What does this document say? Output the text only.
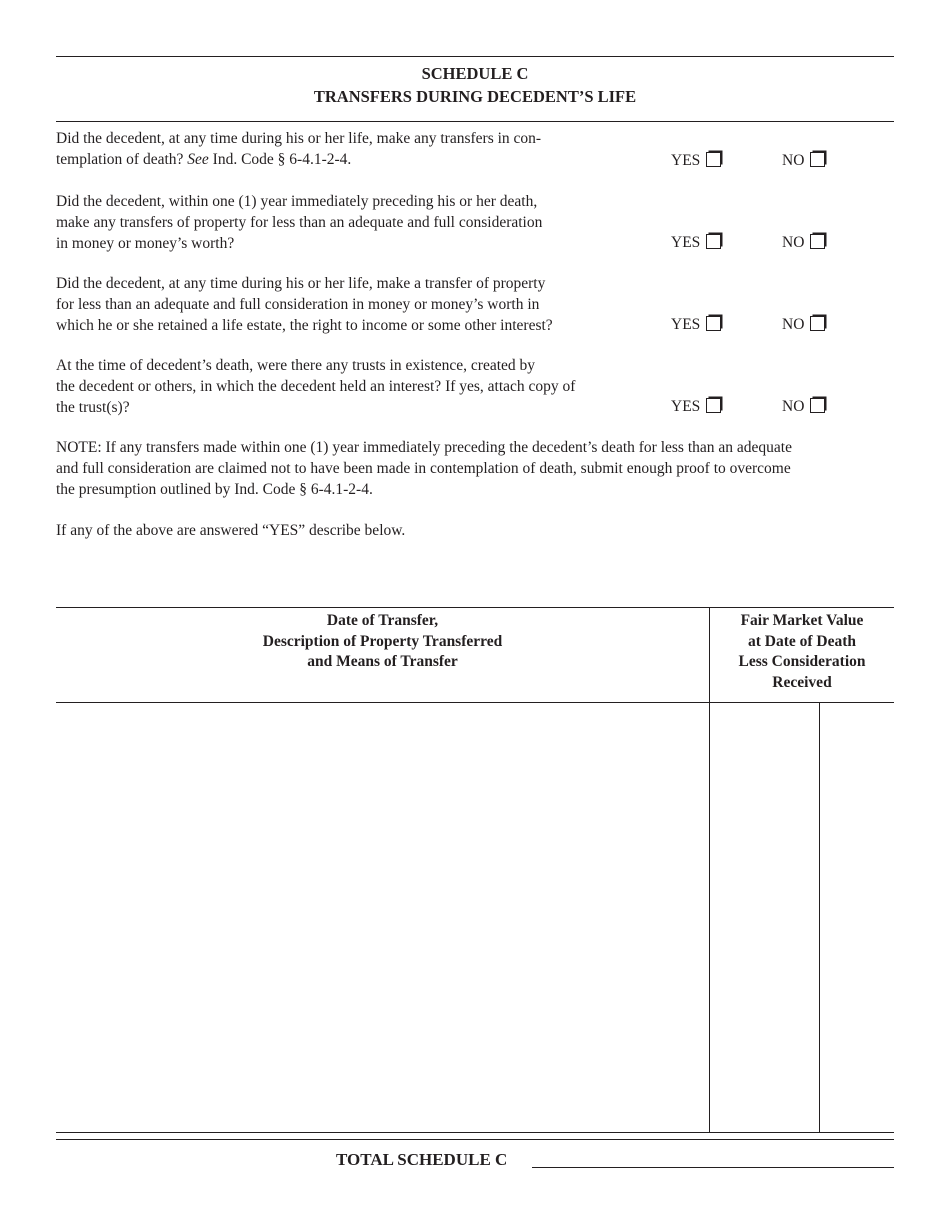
SCHEDULE C
TRANSFERS DURING DECEDENT’S LIFE
Did the decedent, at any time during his or her life, make any transfers in con-
templation of death? See Ind. Code § 6-4.1-2-4.	YES	NO
Did the decedent, within one (1) year immediately preceding his or her death,
make any transfers of property for less than an adequate and full consideration
in money or money’s worth?	YES	NO
Did the decedent, at any time during his or her life, make a transfer of property
for less than an adequate and full consideration in money or money’s worth in
which he or she retained a life estate, the right to income or some other interest?	YES	NO
At the time of decedent’s death, were there any trusts in existence, created by
the decedent or others, in which the decedent held an interest? If yes, attach copy of
the trust(s)?	YES	NO
NOTE: If any transfers made within one (1) year immediately preceding the decedent’s death for less than an adequate
and full consideration are claimed not to have been made in contemplation of death, submit enough proof to overcome
the presumption outlined by Ind. Code § 6-4.1-2-4.
If any of the above are answered “YES” describe below.
Date of Transfer,
Description of Property Transferred
and Means of Transfer
Fair Market Value
at Date of Death
Less Consideration
Received
TOTAL SCHEDULE C
